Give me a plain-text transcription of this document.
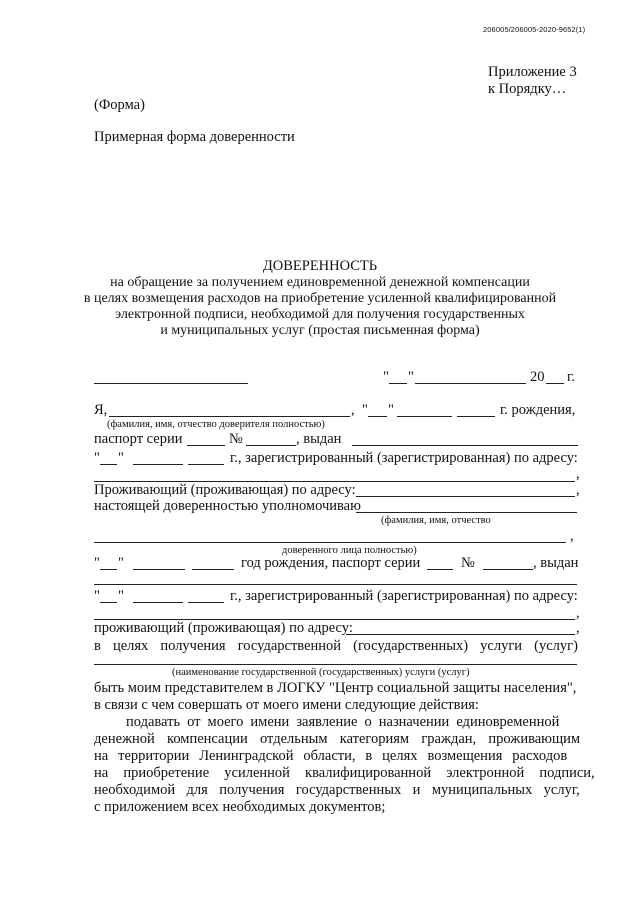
206005/206005-2020-9652(1)
Приложение 3
к Порядку…
(Форма)
Примерная форма доверенности
ДОВЕРЕННОСТЬ
на обращение за получением единовременной денежной компенсации
в целях возмещения расходов на приобретение усиленной квалифицированной
электронной подписи, необходимой для получения государственных
и муниципальных услуг (простая письменная форма)
" "	20 г.
Я,	, " "	г. рождения,
(фамилия, имя, отчество доверителя полностью)
паспорт серии	№	, выдан
" "	г., зарегистрированный (зарегистрированная) по адресу:
,
Проживающий (проживающая) по адресу:	,
настоящей доверенностью уполномочиваю
(фамилия, имя, отчество
,
доверенного лица полностью)
" "	год рождения, паспорт серии	№	, выдан
" "	г., зарегистрированный (зарегистрированная) по адресу:
,
проживающий (проживающая) по адресу:	,
в целях получения государственной (государственных) услуги (услуг)
(наименование государственной (государственных) услуги (услуг)
быть моим представителем в ЛОГКУ "Центр социальной защиты населения",
в связи с чем совершать от моего имени следующие действия:
подавать от моего имени заявление о назначении единовременной
денежной компенсации отдельным категориям граждан, проживающим
на территории Ленинградской области, в целях возмещения расходов
на приобретение усиленной квалифицированной электронной подписи,
необходимой для получения государственных и муниципальных услуг,
с приложением всех необходимых документов;
